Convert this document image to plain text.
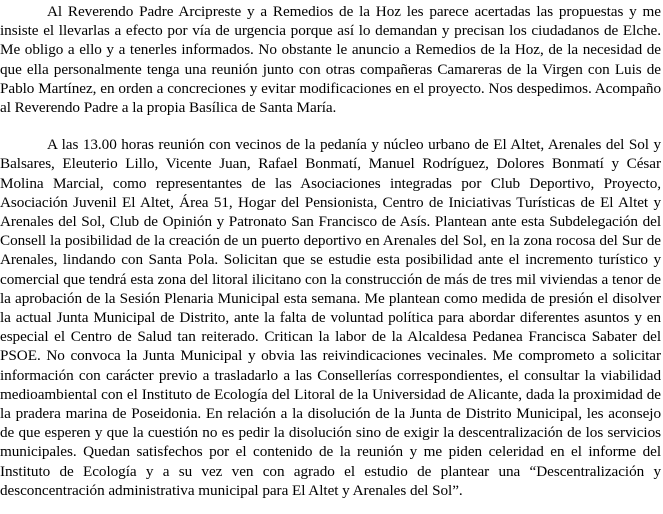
Al Reverendo Padre Arcipreste y a Remedios de la Hoz les parece acertadas las propuestas y me insiste el llevarlas a efecto por vía de urgencia porque así lo demandan y precisan los ciudadanos de Elche. Me obligo a ello y a tenerles informados. No obstante le anuncio a Remedios de la Hoz, de la necesidad de que ella personalmente tenga una reunión junto con otras compañeras Camareras de la Virgen con Luis de Pablo Martínez, en orden a concreciones y evitar modificaciones en el proyecto. Nos despedimos. Acompaño al Reverendo Padre a la propia Basílica de Santa María.

A las 13.00 horas reunión con vecinos de la pedanía y núcleo urbano de El Altet, Arenales del Sol y Balsares, Eleuterio Lillo, Vicente Juan, Rafael Bonmatí, Manuel Rodríguez, Dolores Bonmatí y César Molina Marcial, como representantes de las Asociaciones integradas por Club Deportivo, Proyecto, Asociación Juvenil El Altet, Área 51, Hogar del Pensionista, Centro de Iniciativas Turísticas de El Altet y Arenales del Sol, Club de Opinión y Patronato San Francisco de Asís. Plantean ante esta Subdelegación del Consell la posibilidad de la creación de un puerto deportivo en Arenales del Sol, en la zona rocosa del Sur de Arenales, lindando con Santa Pola. Solicitan que se estudie esta posibilidad ante el incremento turístico y comercial que tendrá esta zona del litoral ilicitano con la construcción de más de tres mil viviendas a tenor de la aprobación de la Sesión Plenaria Municipal esta semana. Me plantean como medida de presión el disolver la actual Junta Municipal de Distrito, ante la falta de voluntad política para abordar diferentes asuntos y en especial el Centro de Salud tan reiterado. Critican la labor de la Alcaldesa Pedanea Francisca Sabater del PSOE. No convoca la Junta Municipal y obvia las reivindicaciones vecinales. Me comprometo a solicitar información con carácter previo a trasladarlo a las Consellerías correspondientes, el consultar la viabilidad medioambiental con el Instituto de Ecología del Litoral de la Universidad de Alicante, dada la proximidad de la pradera marina de Poseidonia. En relación a la disolución de la Junta de Distrito Municipal, les aconsejo de que esperen y que la cuestión no es pedir la disolución sino de exigir la descentralización de los servicios municipales. Quedan satisfechos por el contenido de la reunión y me piden celeridad en el informe del Instituto de Ecología y a su vez ven con agrado el estudio de plantear una “Descentralización y desconcentración administrativa municipal para El Altet y Arenales del Sol”.
